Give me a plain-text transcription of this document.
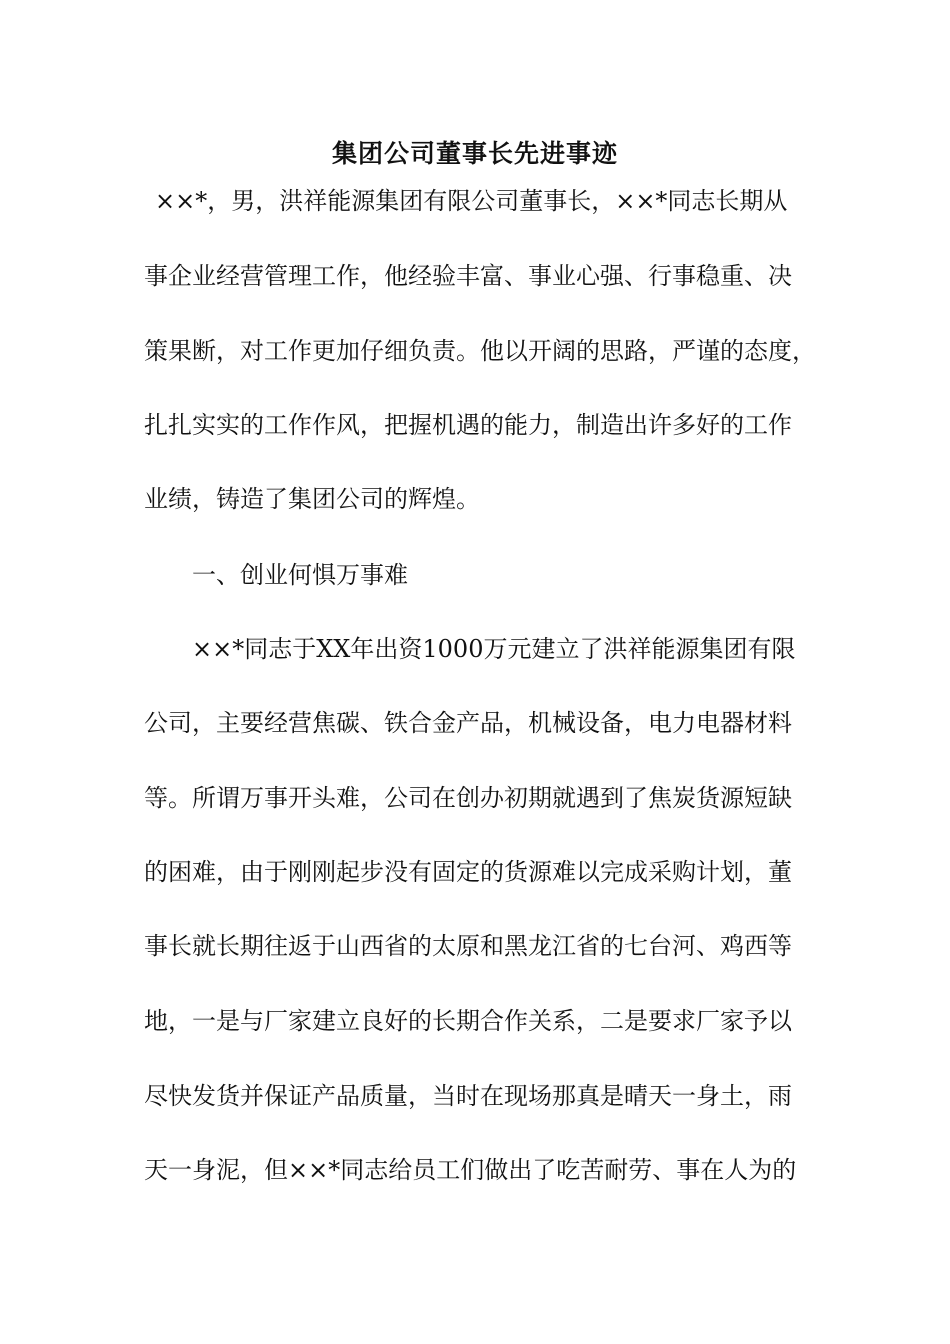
集团公司董事长先进事迹

××*，男，洪祥能源集团有限公司董事长，××*同志长期从

事企业经营管理工作，他经验丰富、事业心强、行事稳重、决

策果断，对工作更加仔细负责。他以开阔的思路，严谨的态度，

扎扎实实的工作作风，把握机遇的能力，制造出许多好的工作

业绩，铸造了集团公司的辉煌。

一、创业何惧万事难

××*同志于XX年出资1000万元建立了洪祥能源集团有限

公司，主要经营焦碳、铁合金产品，机械设备，电力电器材料

等。所谓万事开头难，公司在创办初期就遇到了焦炭货源短缺

的困难，由于刚刚起步没有固定的货源难以完成采购计划，董

事长就长期往返于山西省的太原和黑龙江省的七台河、鸡西等

地，一是与厂家建立良好的长期合作关系，二是要求厂家予以

尽快发货并保证产品质量，当时在现场那真是晴天一身土，雨

天一身泥，但××*同志给员工们做出了吃苦耐劳、事在人为的
